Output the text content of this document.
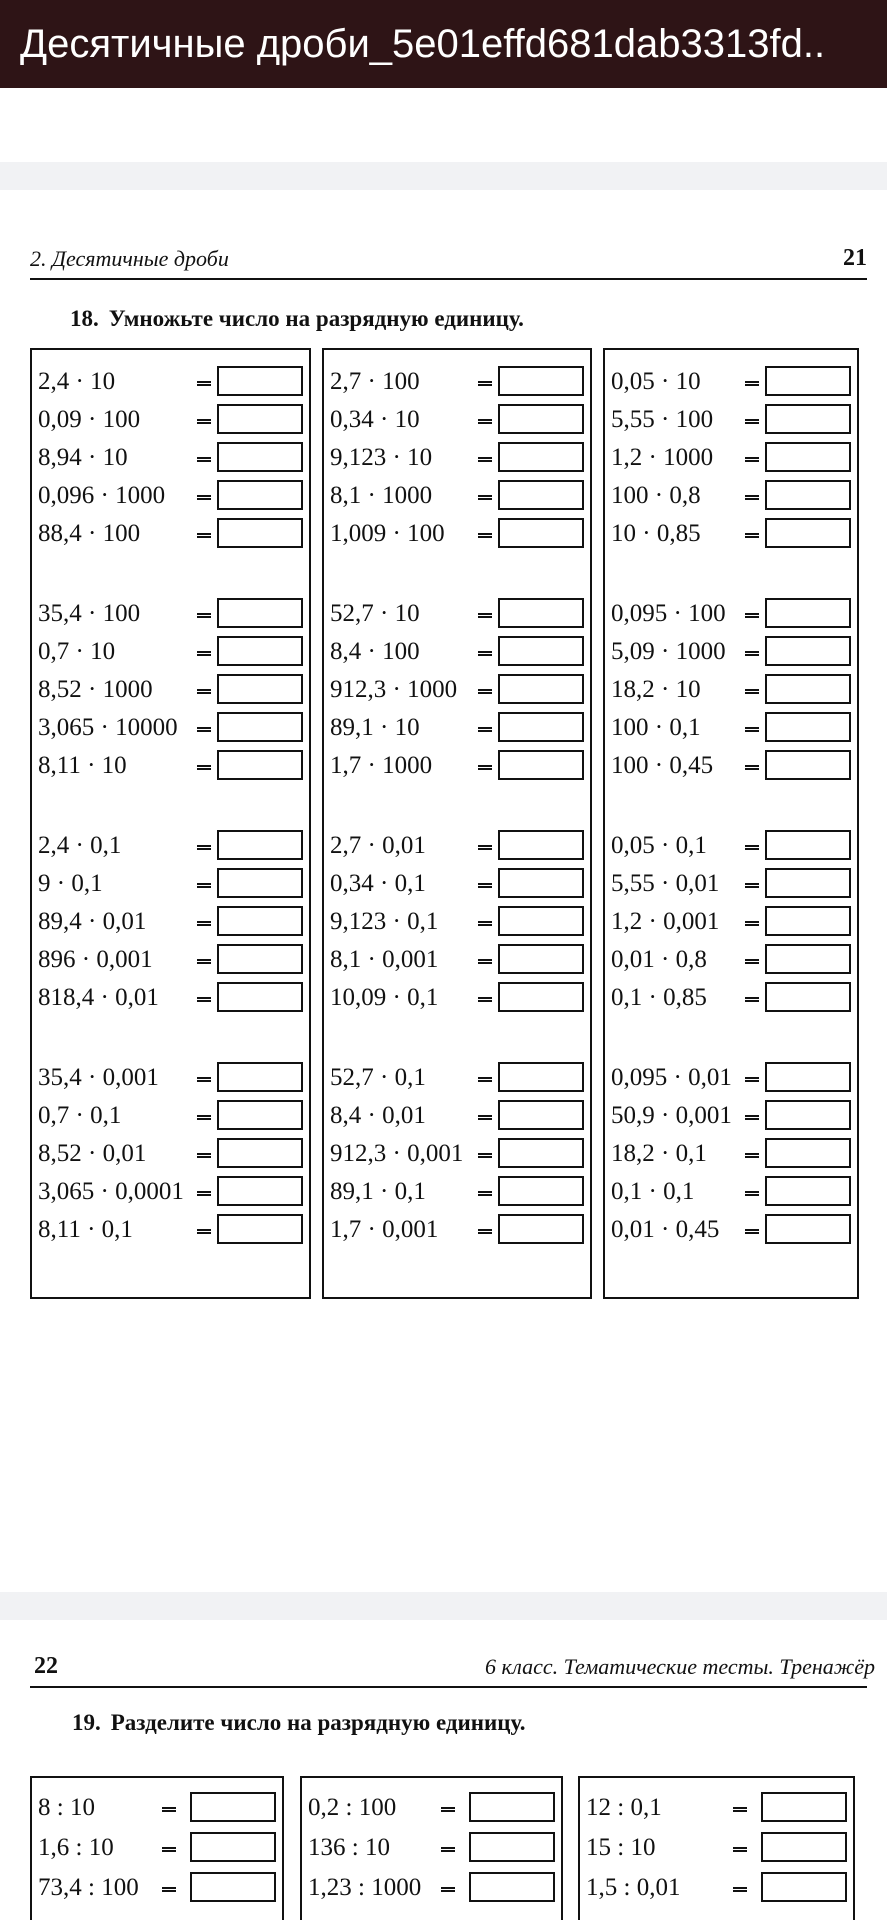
Десятичные дроби_5e01effd681dab3313fd..
2. Десятичные дроби	21
18. Умножьте число на разрядную единицу.
2,4 · 10
0,09 · 100
8,94 · 10
0,096 · 1000
88,4 · 100
35,4 · 100
0,7 · 10
8,52 · 1000
3,065 · 10000
8,11 · 10
2,4 · 0,1
9 · 0,1
89,4 · 0,01
896 · 0,001
818,4 · 0,01
35,4 · 0,001
0,7 · 0,1
8,52 · 0,01
3,065 · 0,0001
8,11 · 0,1
2,7 · 100
0,34 · 10
9,123 · 10
8,1 · 1000
1,009 · 100
52,7 · 10
8,4 · 100
912,3 · 1000
89,1 · 10
1,7 · 1000
2,7 · 0,01
0,34 · 0,1
9,123 · 0,1
8,1 · 0,001
10,09 · 0,1
52,7 · 0,1
8,4 · 0,01
912,3 · 0,001
89,1 · 0,1
1,7 · 0,001
0,05 · 10
5,55 · 100
1,2 · 1000
100 · 0,8
10 · 0,85
0,095 · 100
5,09 · 1000
18,2 · 10
100 · 0,1
100 · 0,45
0,05 · 0,1
5,55 · 0,01
1,2 · 0,001
0,01 · 0,8
0,1 · 0,85
0,095 · 0,01
50,9 · 0,001
18,2 · 0,1
0,1 · 0,1
0,01 · 0,45
22	6 класс. Тематические тесты. Тренажёр
19. Разделите число на разрядную единицу.
8 : 10
1,6 : 10
73,4 : 100
0,2 : 100
136 : 10
1,23 : 1000
12 : 0,1
15 : 10
1,5 : 0,01
